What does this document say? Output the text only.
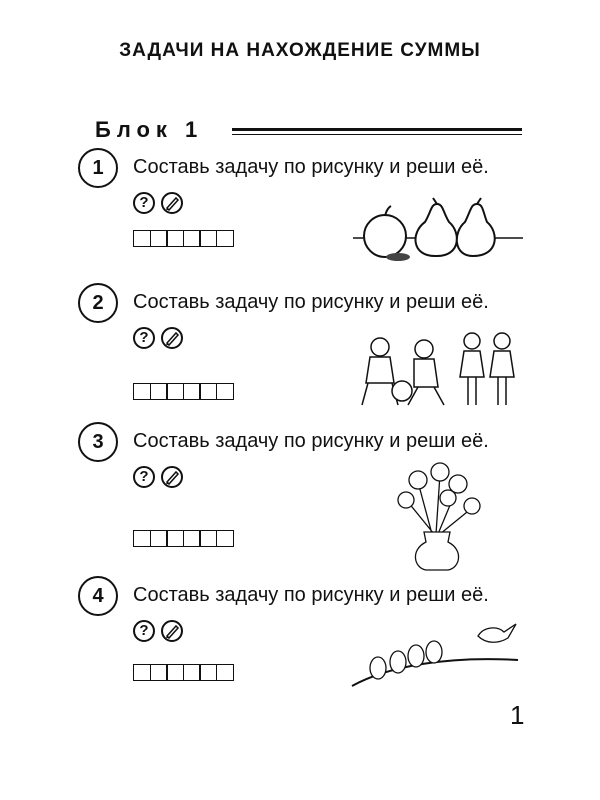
ЗАДАЧИ НА НАХОЖДЕНИЕ СУММЫ
Блок 1
1	Составь задачу по рисунку и реши её.
?
2	Составь задачу по рисунку и реши её.
?
3	Составь задачу по рисунку и реши её.
?
4	Составь задачу по рисунку и реши её.
?
1
